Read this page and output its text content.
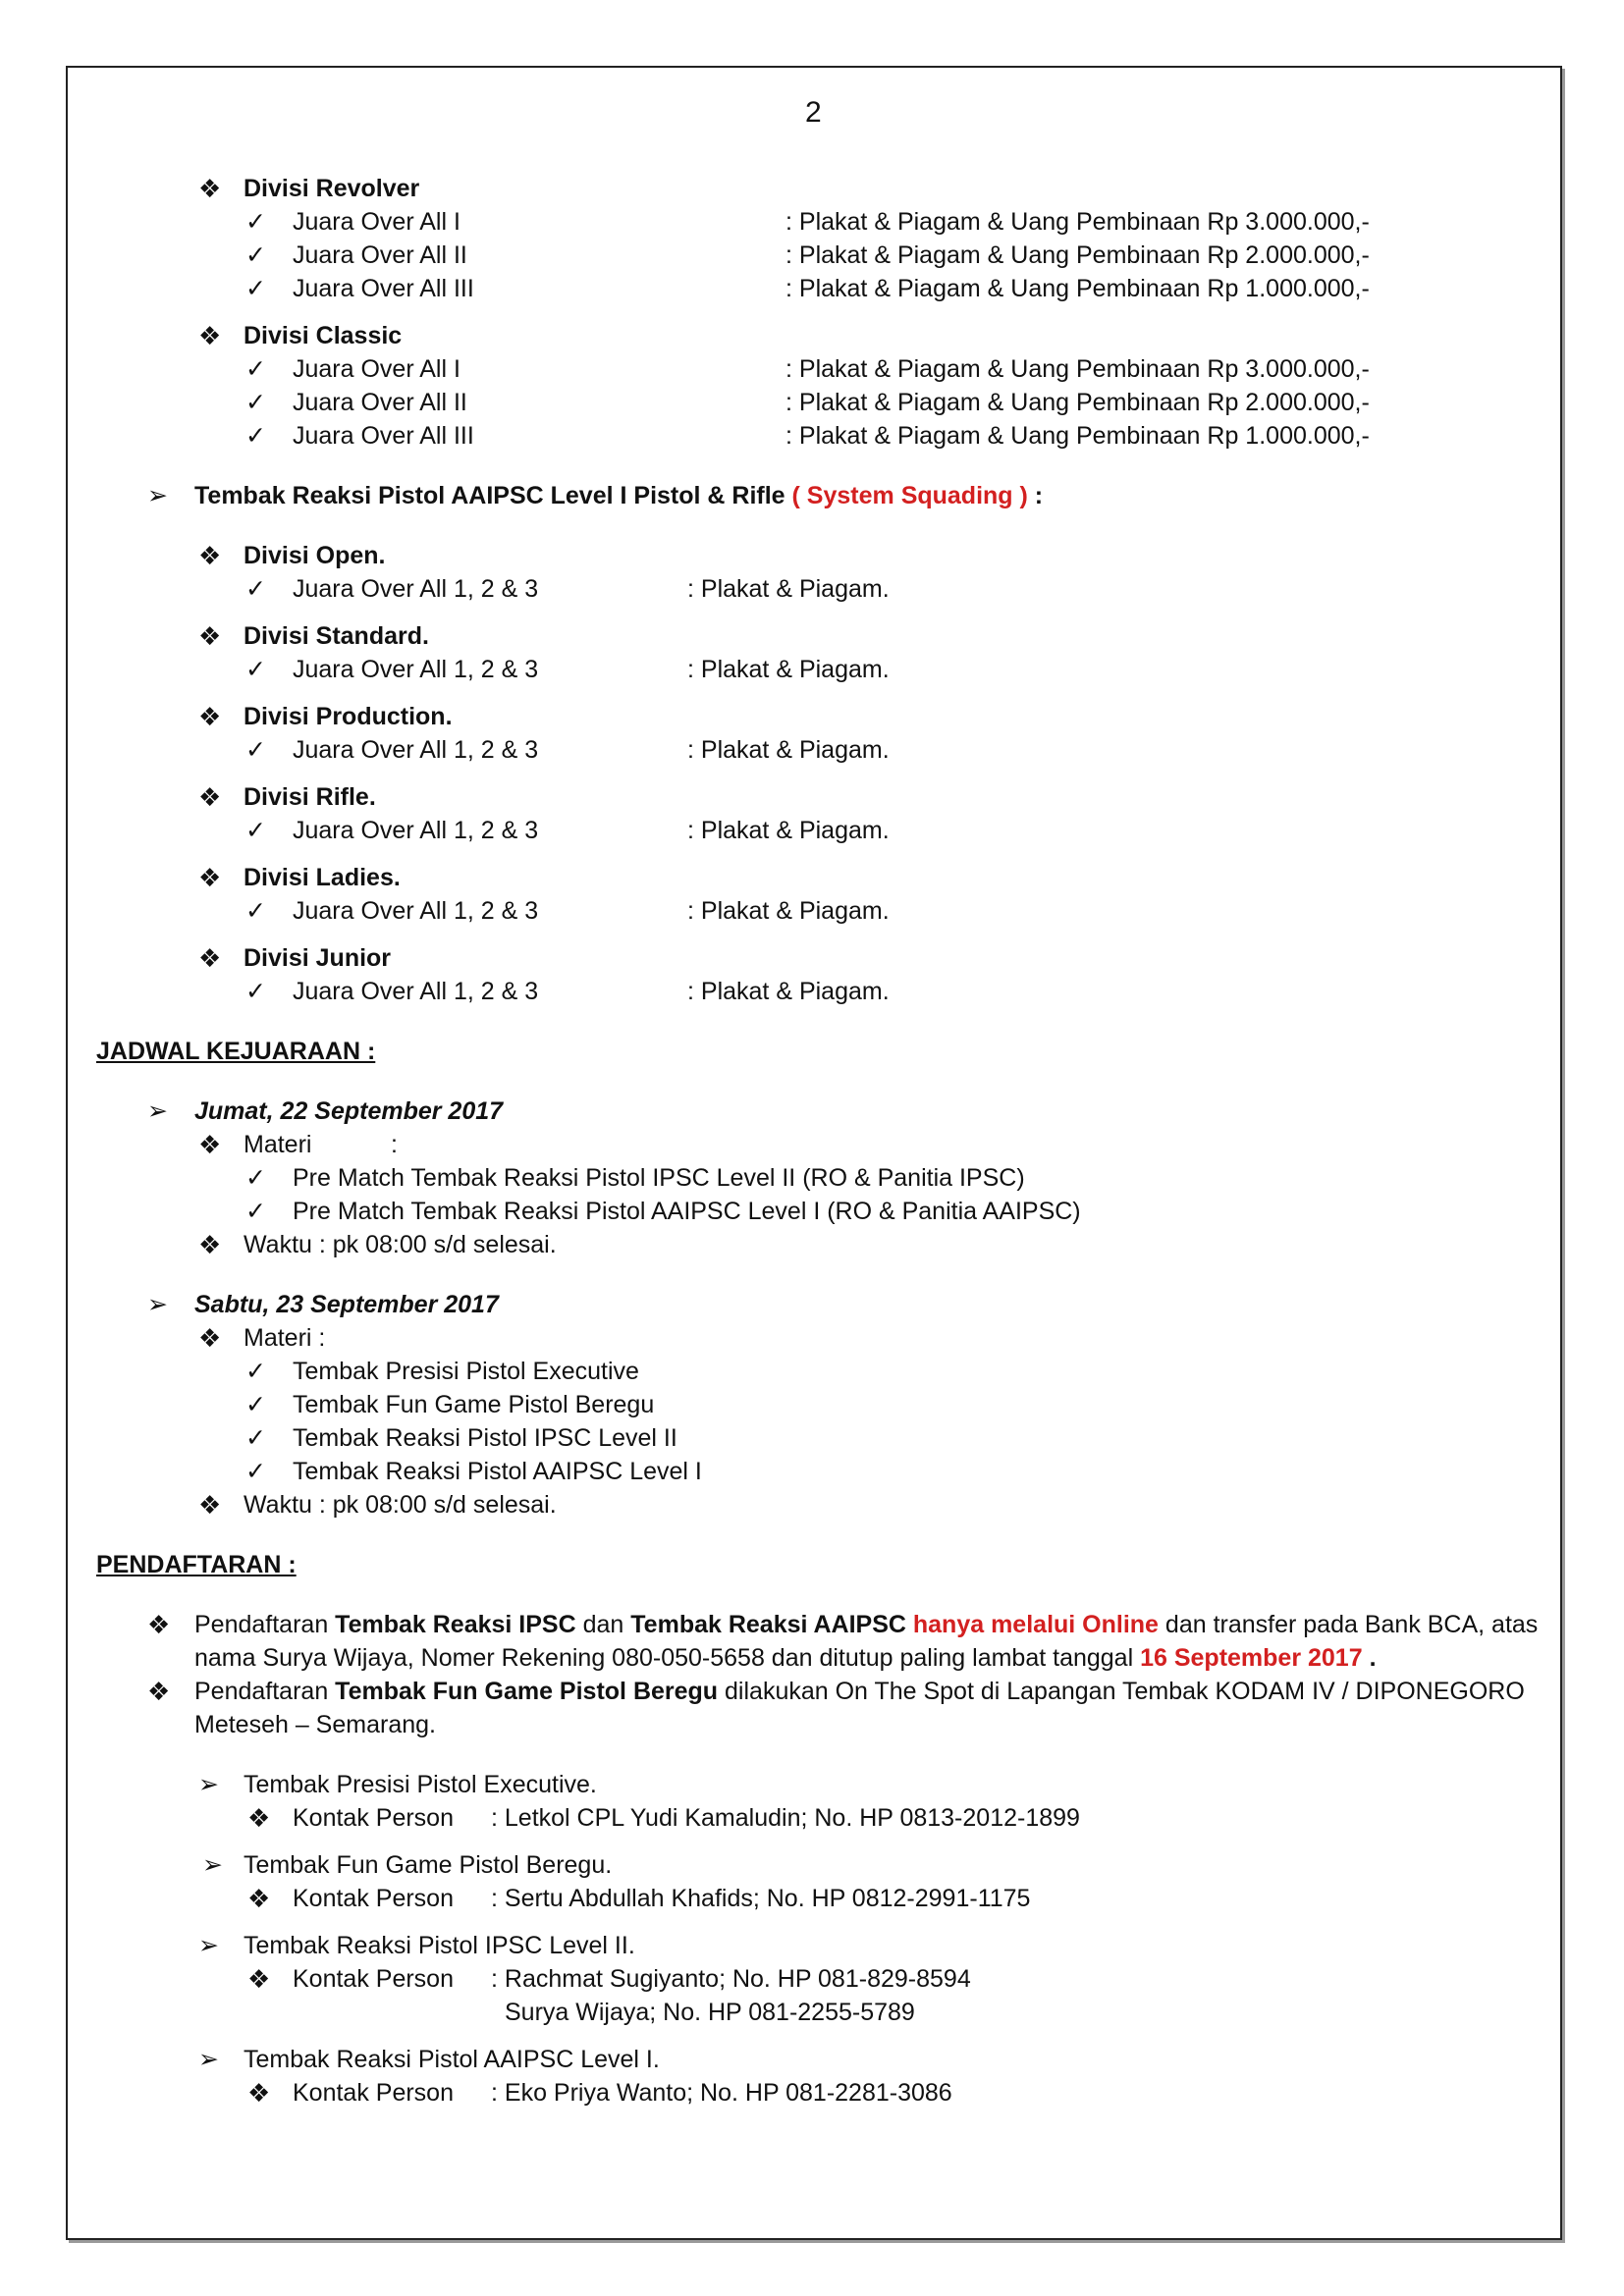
2
❖ Divisi Revolver
✓ Juara Over All I	: Plakat & Piagam & Uang Pembinaan Rp 3.000.000,-
✓ Juara Over All II	: Plakat & Piagam & Uang Pembinaan Rp 2.000.000,-
✓ Juara Over All III	: Plakat & Piagam & Uang Pembinaan Rp 1.000.000,-
❖ Divisi Classic
✓ Juara Over All I	: Plakat & Piagam & Uang Pembinaan Rp 3.000.000,-
✓ Juara Over All II	: Plakat & Piagam & Uang Pembinaan Rp 2.000.000,-
✓ Juara Over All III	: Plakat & Piagam & Uang Pembinaan Rp 1.000.000,-
➢ Tembak Reaksi Pistol AAIPSC Level I Pistol & Rifle ( System Squading ) :
❖ Divisi Open.
✓ Juara Over All 1, 2 & 3	: Plakat & Piagam.
❖ Divisi Standard.
✓ Juara Over All 1, 2 & 3	: Plakat & Piagam.
❖ Divisi Production.
✓ Juara Over All 1, 2 & 3	: Plakat & Piagam.
❖ Divisi Rifle.
✓ Juara Over All 1, 2 & 3	: Plakat & Piagam.
❖ Divisi Ladies.
✓ Juara Over All 1, 2 & 3	: Plakat & Piagam.
❖ Divisi Junior
✓ Juara Over All 1, 2 & 3	: Plakat & Piagam.
JADWAL KEJUARAAN :
➢ Jumat, 22 September 2017
❖ Materi	:
✓ Pre Match Tembak Reaksi Pistol IPSC Level II (RO & Panitia IPSC)
✓ Pre Match Tembak Reaksi Pistol AAIPSC Level I (RO & Panitia AAIPSC)
❖ Waktu : pk 08:00 s/d selesai.
➢ Sabtu, 23 September 2017
❖ Materi :
✓ Tembak Presisi Pistol Executive
✓ Tembak Fun Game Pistol Beregu
✓ Tembak Reaksi Pistol IPSC Level II
✓ Tembak Reaksi Pistol AAIPSC Level I
❖ Waktu : pk 08:00 s/d selesai.
PENDAFTARAN :
❖ Pendaftaran Tembak Reaksi IPSC dan Tembak Reaksi AAIPSC hanya melalui Online dan transfer pada Bank BCA, atas
nama Surya Wijaya, Nomer Rekening 080-050-5658 dan ditutup paling lambat tanggal 16 September 2017 .
❖ Pendaftaran Tembak Fun Game Pistol Beregu dilakukan On The Spot di Lapangan Tembak KODAM IV / DIPONEGORO
Meteseh – Semarang.
➢ Tembak Presisi Pistol Executive.
❖ Kontak Person : Letkol CPL Yudi Kamaludin; No. HP 0813-2012-1899
➢ Tembak Fun Game Pistol Beregu.
❖ Kontak Person : Sertu Abdullah Khafids; No. HP 0812-2991-1175
➢ Tembak Reaksi Pistol IPSC Level II.
❖ Kontak Person : Rachmat Sugiyanto; No. HP 081-829-8594
Surya Wijaya; No. HP 081-2255-5789
➢ Tembak Reaksi Pistol AAIPSC Level I.
❖ Kontak Person : Eko Priya Wanto; No. HP 081-2281-3086
